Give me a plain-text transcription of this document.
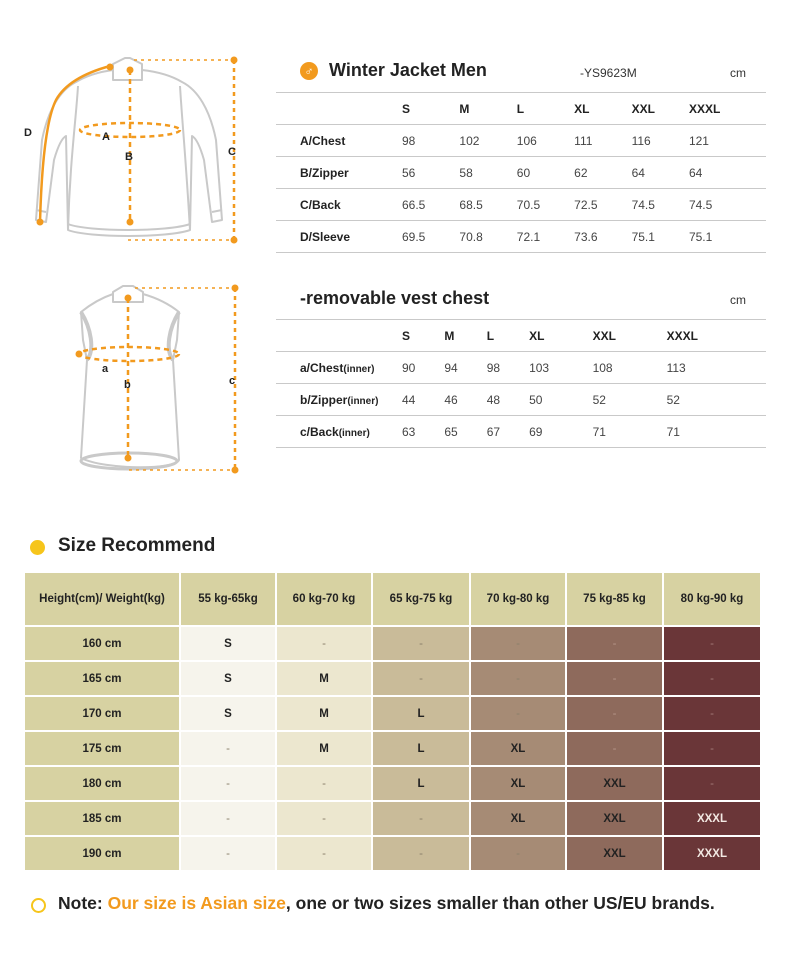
A
B	C
D
a
b	c
♂ Winter Jacket Men	-YS9623M	cm
	S	M	L	XL	XXL	XXXL
A/Chest	98	102	106	111	116	121
B/Zipper	56	58	60	62	64	64
C/Back	66.5	68.5	70.5	72.5	74.5	74.5
D/Sleeve	69.5	70.8	72.1	73.6	75.1	75.1
-removable vest chest	cm
	S	M	L	XL	XXL	XXXL
a/Chest(inner)	90	94	98	103	108	113
b/Zipper(inner)	44	46	48	50	52	52
c/Back(inner)	63	65	67	69	71	71
Size Recommend
Height(cm)/ Weight(kg)	55 kg-65kg	60 kg-70 kg	65 kg-75 kg	70 kg-80 kg	75 kg-85 kg	80 kg-90 kg
160 cm	S	-	-	-	-	-
165 cm	S	M	-	-	-	-
170 cm	S	M	L	-	-	-
175 cm	-	M	L	XL	-	-
180 cm	-	-	L	XL	XXL	-
185 cm	-	-	-	XL	XXL	XXXL
190 cm	-	-	-	-	XXL	XXXL
Note: Our size is Asian size, one or two sizes smaller than other US/EU brands.
